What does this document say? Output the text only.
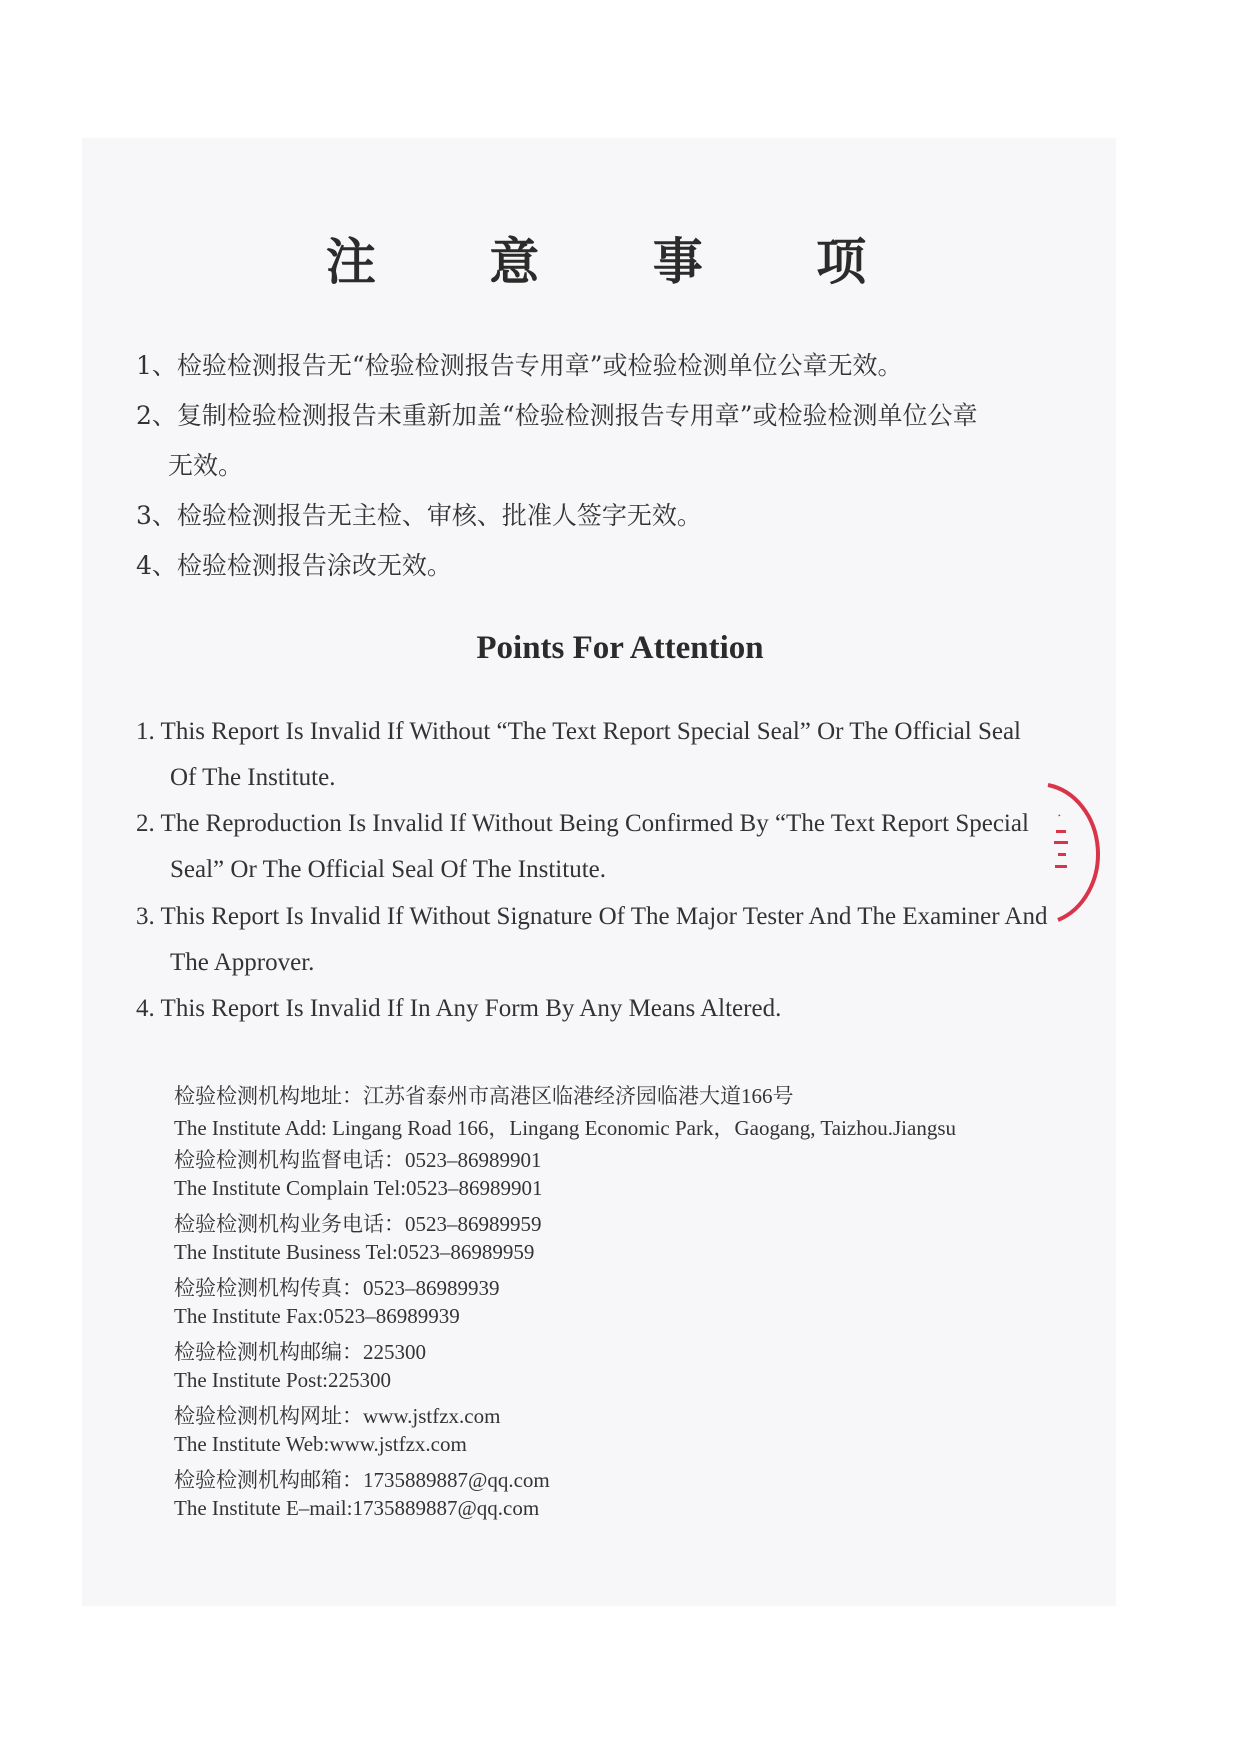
注 意 事 项
1、检验检测报告无“检验检测报告专用章”或检验检测单位公章无效。
2、复制检验检测报告未重新加盖“检验检测报告专用章”或检验检测单位公章
无效。
3、检验检测报告无主检、审核、批准人签字无效。
4、检验检测报告涂改无效。
Points For Attention
1. This Report Is Invalid If Without “The Text Report Special Seal” Or The Official Seal
Of The Institute.
2. The Reproduction Is Invalid If Without Being Confirmed By “The Text Report Special
Seal” Or The Official Seal Of The Institute.
3. This Report Is Invalid If Without Signature Of The Major Tester And The Examiner And
The Approver.
4. This Report Is Invalid If In Any Form By Any Means Altered.
检验检测机构地址：江苏省泰州市高港区临港经济园临港大道166号
The Institute Add: Lingang Road 166，Lingang Economic Park，Gaogang, Taizhou.Jiangsu
检验检测机构监督电话：0523–86989901
The Institute Complain Tel:0523–86989901
检验检测机构业务电话：0523–86989959
The Institute Business Tel:0523–86989959
检验检测机构传真：0523–86989939
The Institute Fax:0523–86989939
检验检测机构邮编：225300
The Institute Post:225300
检验检测机构网址：www.jstfzx.com
The Institute Web:www.jstfzx.com
检验检测机构邮箱：1735889887@qq.com
The Institute E–mail:1735889887@qq.com
·
